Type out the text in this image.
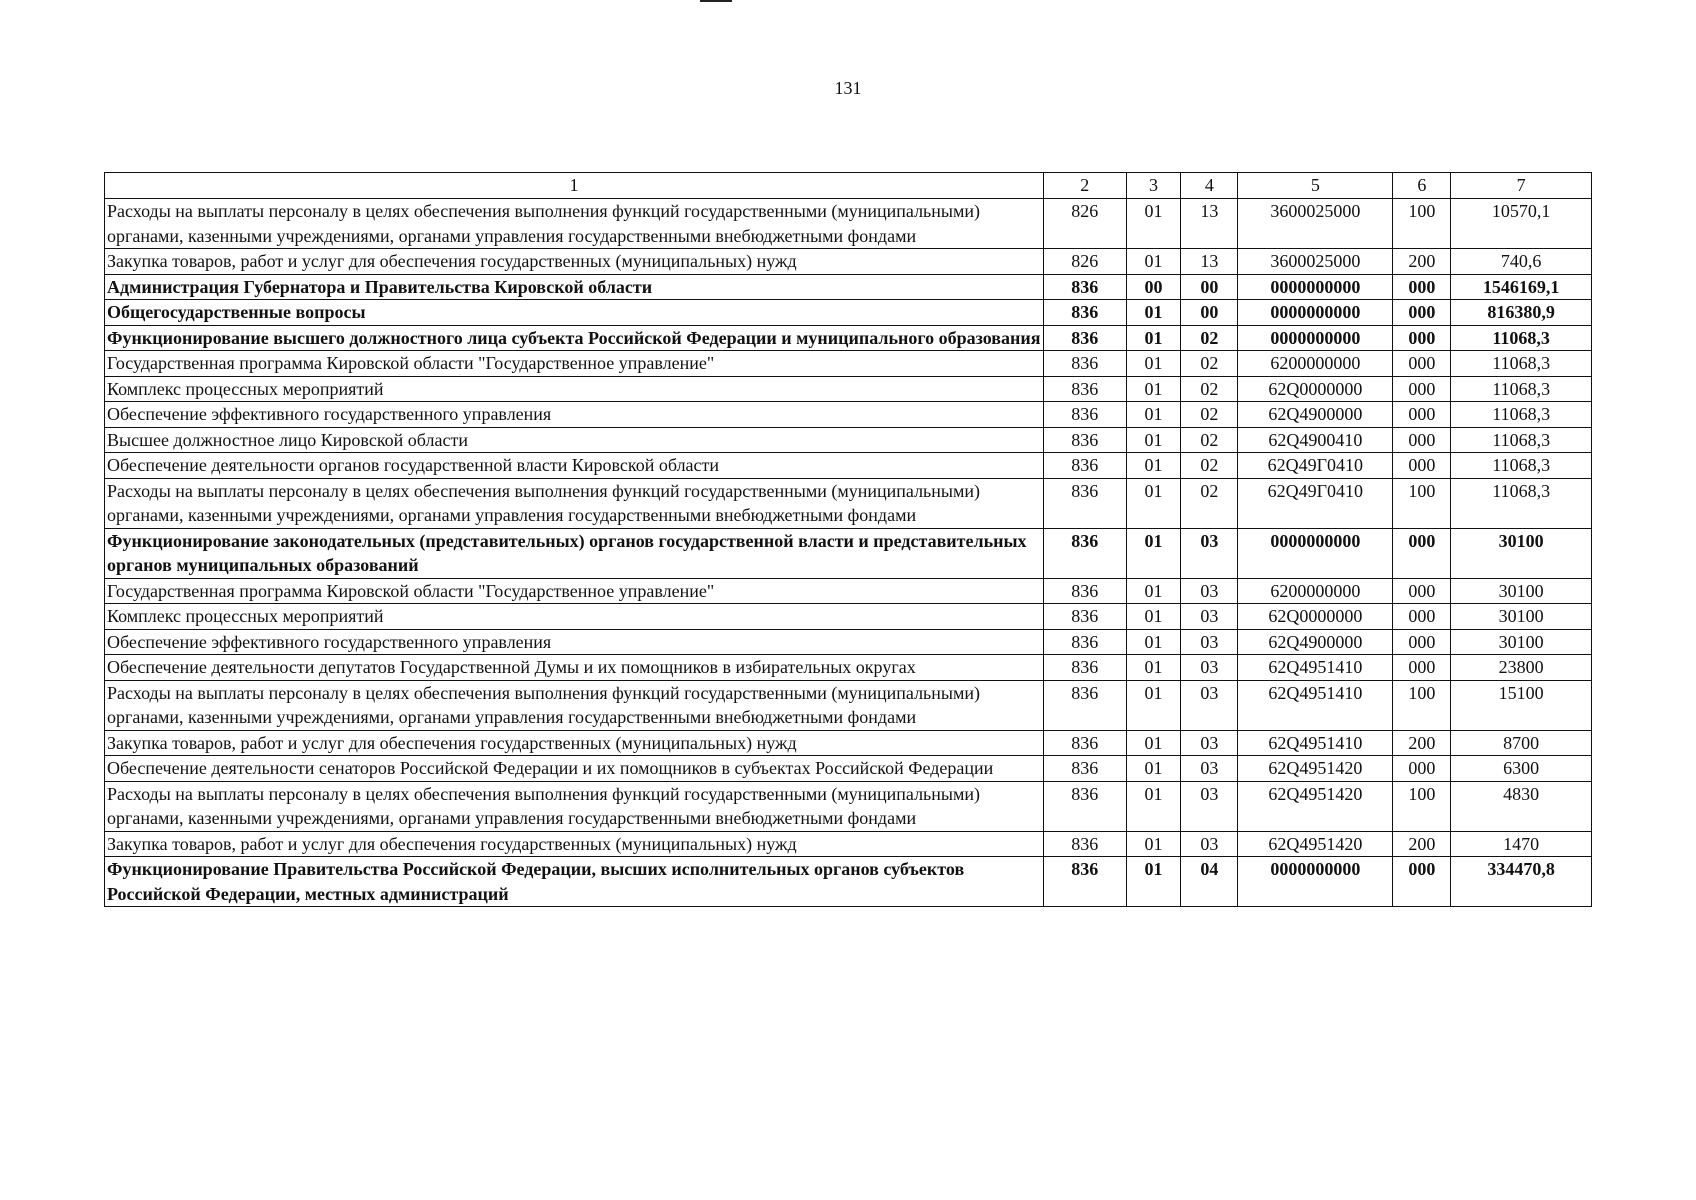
131
1	2	3	4	5	6	7
Расходы на выплаты персоналу в целях обеспечения выполнения функций государственными (муниципальными) органами, казенными учреждениями, органами управления государственными внебюджетными фондами	826	01	13	3600025000	100	10570,1
Закупка товаров, работ и услуг для обеспечения государственных (муниципальных) нужд	826	01	13	3600025000	200	740,6
Администрация Губернатора и Правительства Кировской области	836	00	00	0000000000	000	1546169,1
Общегосударственные вопросы	836	01	00	0000000000	000	816380,9
Функционирование высшего должностного лица субъекта Российской Федерации и муниципального образования	836	01	02	0000000000	000	11068,3
Государственная программа Кировской области "Государственное управление"	836	01	02	6200000000	000	11068,3
Комплекс процессных мероприятий	836	01	02	62Q0000000	000	11068,3
Обеспечение эффективного государственного управления	836	01	02	62Q4900000	000	11068,3
Высшее должностное лицо Кировской области	836	01	02	62Q4900410	000	11068,3
Обеспечение деятельности органов государственной власти Кировской области	836	01	02	62Q49Г0410	000	11068,3
Расходы на выплаты персоналу в целях обеспечения выполнения функций государственными (муниципальными) органами, казенными учреждениями, органами управления государственными внебюджетными фондами	836	01	02	62Q49Г0410	100	11068,3
Функционирование законодательных (представительных) органов государственной власти и представительных органов муниципальных образований	836	01	03	0000000000	000	30100
Государственная программа Кировской области "Государственное управление"	836	01	03	6200000000	000	30100
Комплекс процессных мероприятий	836	01	03	62Q0000000	000	30100
Обеспечение эффективного государственного управления	836	01	03	62Q4900000	000	30100
Обеспечение деятельности депутатов Государственной Думы и их помощников в избирательных округах	836	01	03	62Q4951410	000	23800
Расходы на выплаты персоналу в целях обеспечения выполнения функций государственными (муниципальными) органами, казенными учреждениями, органами управления государственными внебюджетными фондами	836	01	03	62Q4951410	100	15100
Закупка товаров, работ и услуг для обеспечения государственных (муниципальных) нужд	836	01	03	62Q4951410	200	8700
Обеспечение деятельности сенаторов Российской Федерации и их помощников в субъектах Российской Федерации	836	01	03	62Q4951420	000	6300
Расходы на выплаты персоналу в целях обеспечения выполнения функций государственными (муниципальными) органами, казенными учреждениями, органами управления государственными внебюджетными фондами	836	01	03	62Q4951420	100	4830
Закупка товаров, работ и услуг для обеспечения государственных (муниципальных) нужд	836	01	03	62Q4951420	200	1470
Функционирование Правительства Российской Федерации, высших исполнительных органов субъектов Российской Федерации, местных администраций	836	01	04	0000000000	000	334470,8
